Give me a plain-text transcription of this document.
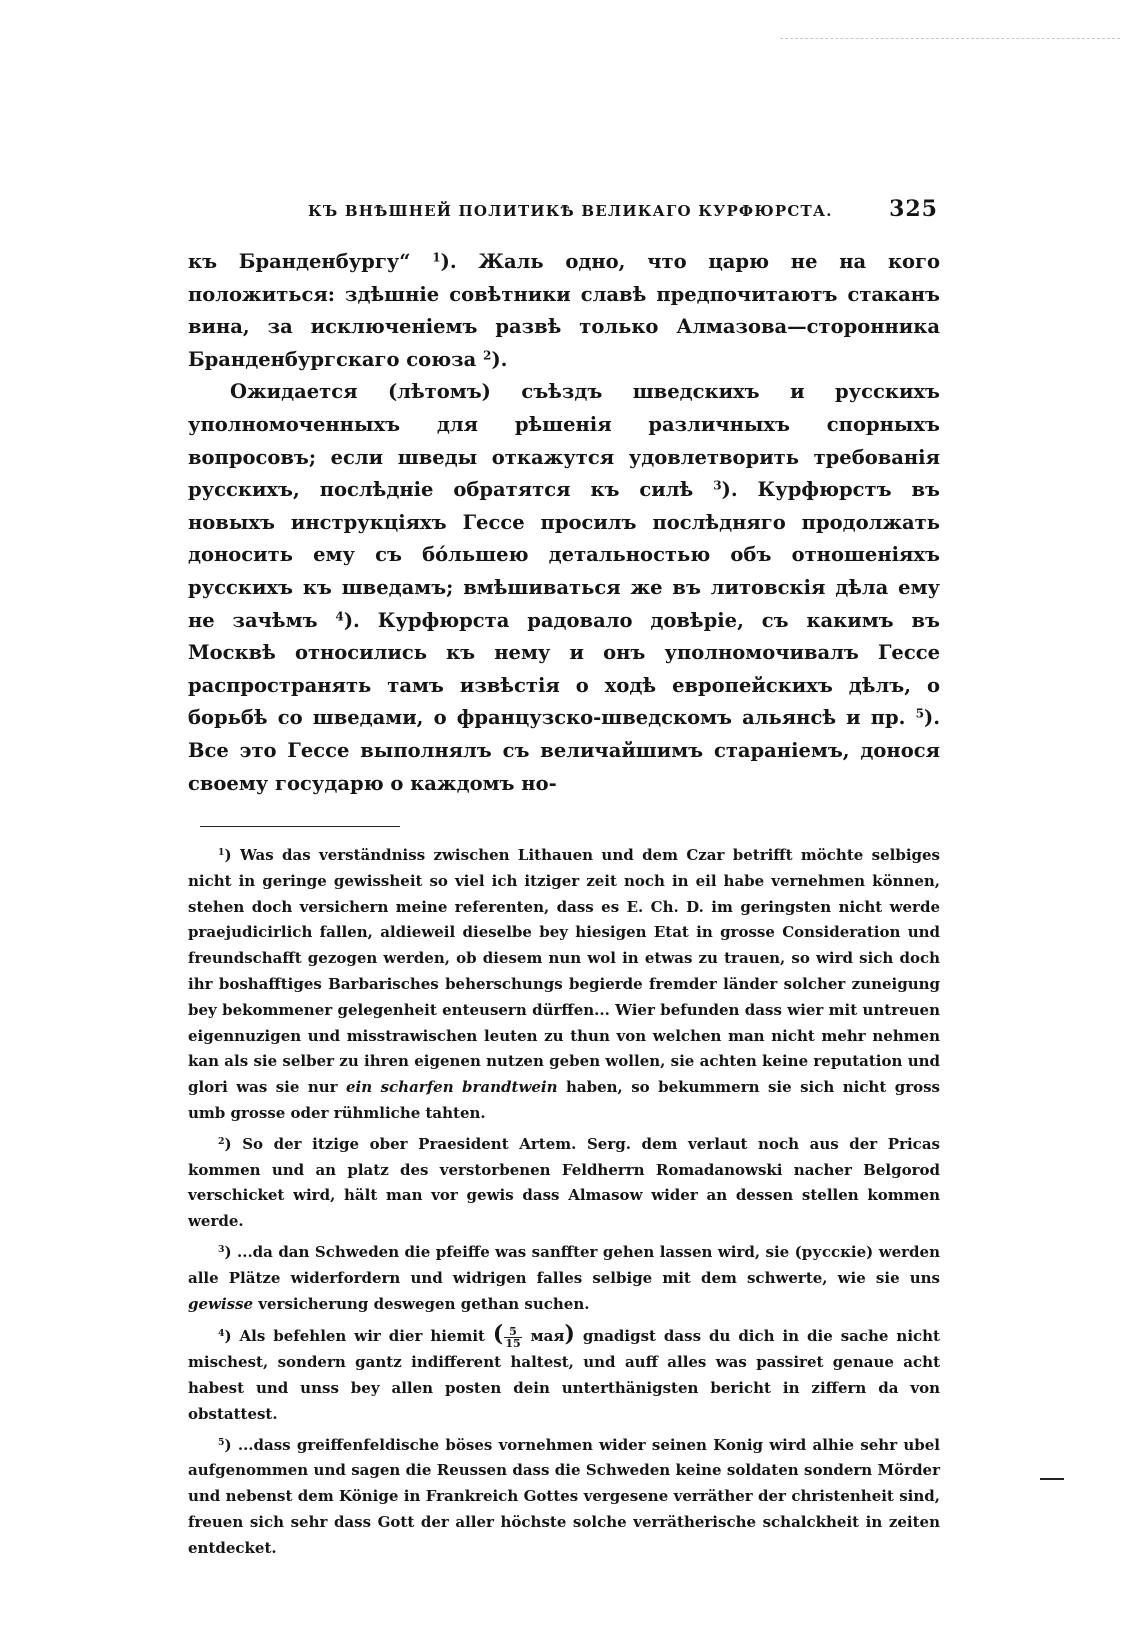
КЪ ВНѢШНЕЙ ПОЛИТИКѢ ВЕЛИКАГО КУРФЮРСТА.	325

къ Бранденбургу“ $^1$). Жаль одно, что царю не на кого положиться: здѣшніе совѣтники славѣ предпочитаютъ стаканъ вина, за исключеніемъ развѣ только Алмазова—сторонника Бранденбургскаго союза $^2$).

Ожидается (лѣтомъ) съѣздъ шведскихъ и русскихъ уполномоченныхъ для рѣшенія различныхъ спорныхъ вопросовъ; если шведы откажутся удовлетворить требованія русскихъ, послѣдніе обратятся къ силѣ $^3$). Курфюрстъ въ новыхъ инструкціяхъ Гессе просилъ послѣдняго продолжать доносить ему съ бо́льшею детальностью объ отношеніяхъ русскихъ къ шведамъ; вмѣшиваться же въ литовскія дѣла ему не зачѣмъ $^4$). Курфюрста радовало довѣріе, съ какимъ въ Москвѣ относились къ нему и онъ уполномочивалъ Гессе распространять тамъ извѣстія о ходѣ европейскихъ дѣлъ, о борьбѣ со шведами, о французско-шведскомъ альянсѣ и пр. $^5$). Все это Гессе выполнялъ съ величайшимъ стараніемъ, донося своему государю о каждомъ но-

$^1$) Was das verständniss zwischen Lithauen und dem Czar betrifft möchte selbiges nicht in geringe gewissheit so viel ich itziger zeit noch in eil habe vernehmen können, stehen doch versichern meine referenten, dass es E. Ch. D. im geringsten nicht werde praejudicirlich fallen, aldieweil dieselbe bey hiesigen Etat in grosse Consideration und freundschafft gezogen werden, ob diesem nun wol in etwas zu trauen, so wird sich doch ihr boshafftiges Barbarisches beherschungs begierde fremder länder solcher zuneigung bey bekommener gelegenheit enteusern dürffen... Wier befunden dass wier mit untreuen eigennuzigen und misstrawischen leuten zu thun von welchen man nicht mehr nehmen kan als sie selber zu ihren eigenen nutzen geben wollen, sie achten keine reputation und glori was sie nur ein scharfen brandtwein haben, so bekummern sie sich nicht gross umb grosse oder rühmliche tahten.

$^2$) So der itzige ober Praesident Artem. Serg. dem verlaut noch aus der Pricas kommen und an platz des verstorbenen Feldherrn Romadanowski nacher Belgorod verschicket wird, hält man vor gewis dass Almasow wider an dessen stellen kommen werde.

$^3$) ...da dan Schweden die pfeiffe was sanffter gehen lassen wird, sie (русскіе) werden alle Plätze widerfordern und widrigen falles selbige mit dem schwerte, wie sie uns gewisse versicherung deswegen gethan suchen.

$^4$) Als befehlen wir dier hiemit ( $\frac{5}{15} мая$) gnadigst dass du dich in die sache nicht mischest, sondern gantz indifferent haltest, und auff alles was passiret genaue acht habest und unss bey allen posten dein unterthänigsten bericht in ziffern da von obstattest.

$^5$) ...dass greiffenfeldische böses vornehmen wider seinen Konig wird alhie sehr ubel aufgenommen und sagen die Reussen dass die Schweden keine soldaten sondern Mörder und nebenst dem Könige in Frankreich Gottes vergesene verräther der christenheit sind, freuen sich sehr dass Gott der aller höchste solche verrätherische schalckheit in zeiten entdecket.
